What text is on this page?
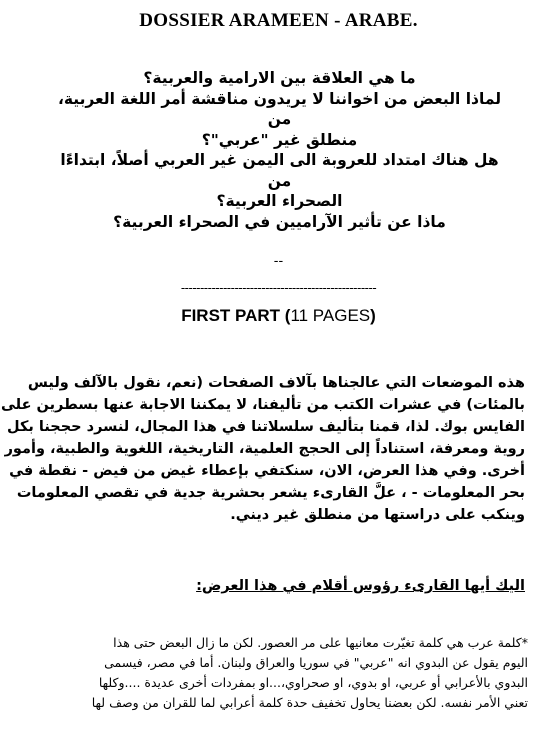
DOSSIER ARAMEEN - ARABE.
ما هي العلاقة بين الارامية والعربية؟
لماذا البعض من اخواننا لا يريدون مناقشة أمر اللغة العربية، من
منطلق غير "عربي"؟
هل هناك امتداد للعروبة الى اليمن غير العربي أصلاً، ابتداءًا من
الصحراء العربية؟
ماذا عن تأثير الآراميين في الصحراء العربية؟
--
---------------------------------------------------
FIRST PART (11 PAGES)
هذه الموضعات التي عالجناها بآلاف الصفحات (نعم، نقول بالآلف وليس
بالمئات) في عشرات الكتب من تأليفنا، لا يمكننا الاجابة عنها بسطرين على
الفايس بوك. لذا، قمنا بتأليف سلسلاتنا في هذا المجال، لنسرد حججنا بكل
روية ومعرفة، استناداً إلى الحجج العلمية، التاريخية، اللغوية والطبية، وأمور
أخرى. وفي هذا العرض، الان، سنكتفي بإعطاء غيض من فيض - نقطة في
بحر المعلومات - ، علَّ القارىء يشعر بحشرية جدية في تقصي المعلومات
وينكب على دراستها من منطلق غير ديني.
اليك أيها القارىء رؤوس أقلام في هذا العرض:
*كلمة عرب هي كلمة تغيّرت معانيها على مر العصور. لكن ما زال البعض حتى هذا
اليوم يقول عن البدوي انه "عربي" في سوريا والعراق ولبنان. أما في مصر، فيسمى
البدوي بالأعرابي أو عربي، او بدوي، او صحراوي،...او بمفردات أخرى عديدة ....وكلها
تعني الأمر نفسه. لكن بعضنا يحاول تخفيف حدة كلمة أعرابي لما للقران من وصف لها
